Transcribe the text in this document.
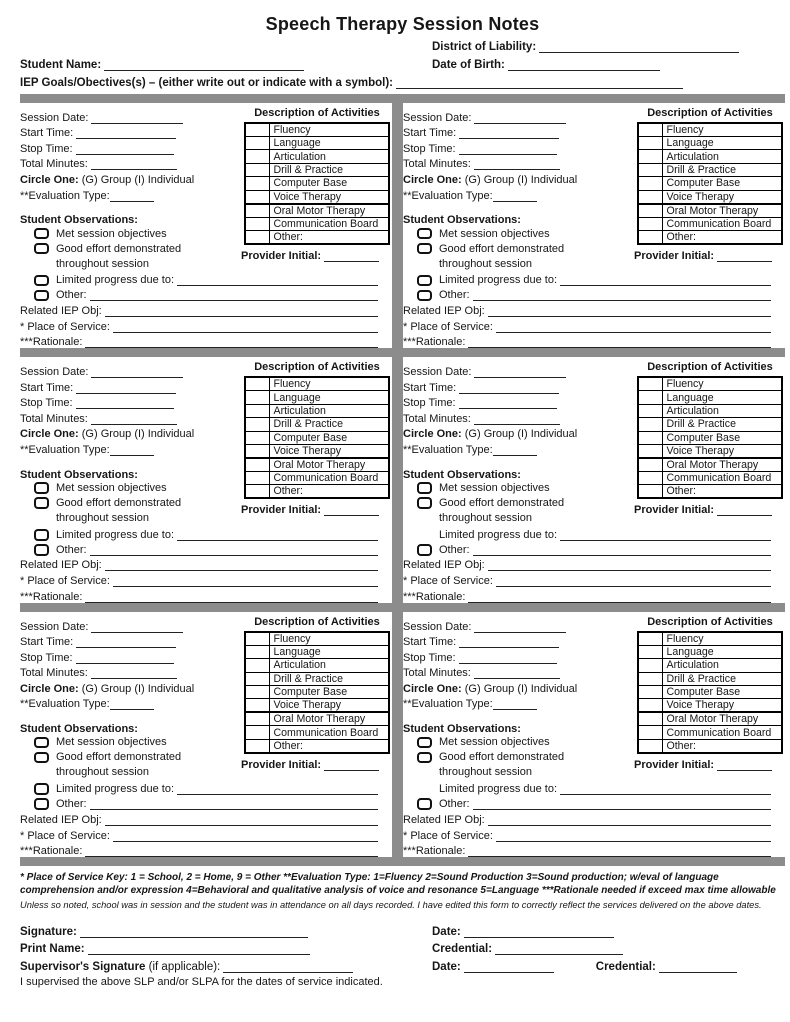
Speech Therapy Session Notes
District of Liability:
Student Name:	Date of Birth:
IEP Goals/Obectives(s) – (either write out or indicate with a symbol):
Description of Activities
	Fluency
	Language
	Articulation
	Drill & Practice
	Computer Base
	Voice Therapy
	Oral Motor Therapy
	Communication Board
	Other:
Provider Initial:
Session Date:
Start Time:
Stop Time:
Total Minutes:
Circle One:
(G) Group (I) Individual
**Evaluation Type:
Student Observations:
Met session objectives
Good effort demonstrated
throughout session
Limited progress due to:
Other:
Related IEP Obj:
* Place of Service:
***Rationale:
Description of Activities
	Fluency
	Language
	Articulation
	Drill & Practice
	Computer Base
	Voice Therapy
	Oral Motor Therapy
	Communication Board
	Other:
Provider Initial:
Session Date:
Start Time:
Stop Time:
Total Minutes:
Circle One:
(G) Group (I) Individual
**Evaluation Type:
Student Observations:
Met session objectives
Good effort demonstrated
throughout session
Limited progress due to:
Other:
Related IEP Obj:
* Place of Service:
***Rationale:
Description of Activities
	Fluency
	Language
	Articulation
	Drill & Practice
	Computer Base
	Voice Therapy
	Oral Motor Therapy
	Communication Board
	Other:
Provider Initial:
Session Date:
Start Time:
Stop Time:
Total Minutes:
Circle One:
(G) Group (I) Individual
**Evaluation Type:
Student Observations:
Met session objectives
Good effort demonstrated
throughout session
Limited progress due to:
Other:
Related IEP Obj:
* Place of Service:
***Rationale:
Description of Activities
	Fluency
	Language
	Articulation
	Drill & Practice
	Computer Base
	Voice Therapy
	Oral Motor Therapy
	Communication Board
	Other:
Provider Initial:
Session Date:
Start Time:
Stop Time:
Total Minutes:
Circle One:
(G) Group (I) Individual
**Evaluation Type:
Student Observations:
Met session objectives
Good effort demonstrated
throughout session
Limited progress due to:
Other:
Related IEP Obj:
* Place of Service:
***Rationale:
Description of Activities
	Fluency
	Language
	Articulation
	Drill & Practice
	Computer Base
	Voice Therapy
	Oral Motor Therapy
	Communication Board
	Other:
Provider Initial:
Session Date:
Start Time:
Stop Time:
Total Minutes:
Circle One:
(G) Group (I) Individual
**Evaluation Type:
Student Observations:
Met session objectives
Good effort demonstrated
throughout session
Limited progress due to:
Other:
Related IEP Obj:
* Place of Service:
***Rationale:
Description of Activities
	Fluency
	Language
	Articulation
	Drill & Practice
	Computer Base
	Voice Therapy
	Oral Motor Therapy
	Communication Board
	Other:
Provider Initial:
Session Date:
Start Time:
Stop Time:
Total Minutes:
Circle One:
(G) Group (I) Individual
**Evaluation Type:
Student Observations:
Met session objectives
Good effort demonstrated
throughout session
Limited progress due to:
Other:
Related IEP Obj:
* Place of Service:
***Rationale:
* Place of Service Key: 1 = School, 2 = Home, 9 = Other **Evaluation Type: 1=Fluency 2=Sound Production 3=Sound production; w/eval of language comprehension and/or expression 4=Behavioral and qualitative analysis of voice and resonance 5=Language ***Rationale needed if exceed max time allowable
Unless so noted, school was in session and the student was in attendance on all days recorded. I have edited this form to correctly reflect the services delivered on the above dates.
Signature:	Date:
Print Name:	Credential:
Supervisor's Signature
(if applicable):	Date:	Credential:
I supervised the above SLP and/or SLPA for the dates of service indicated.
